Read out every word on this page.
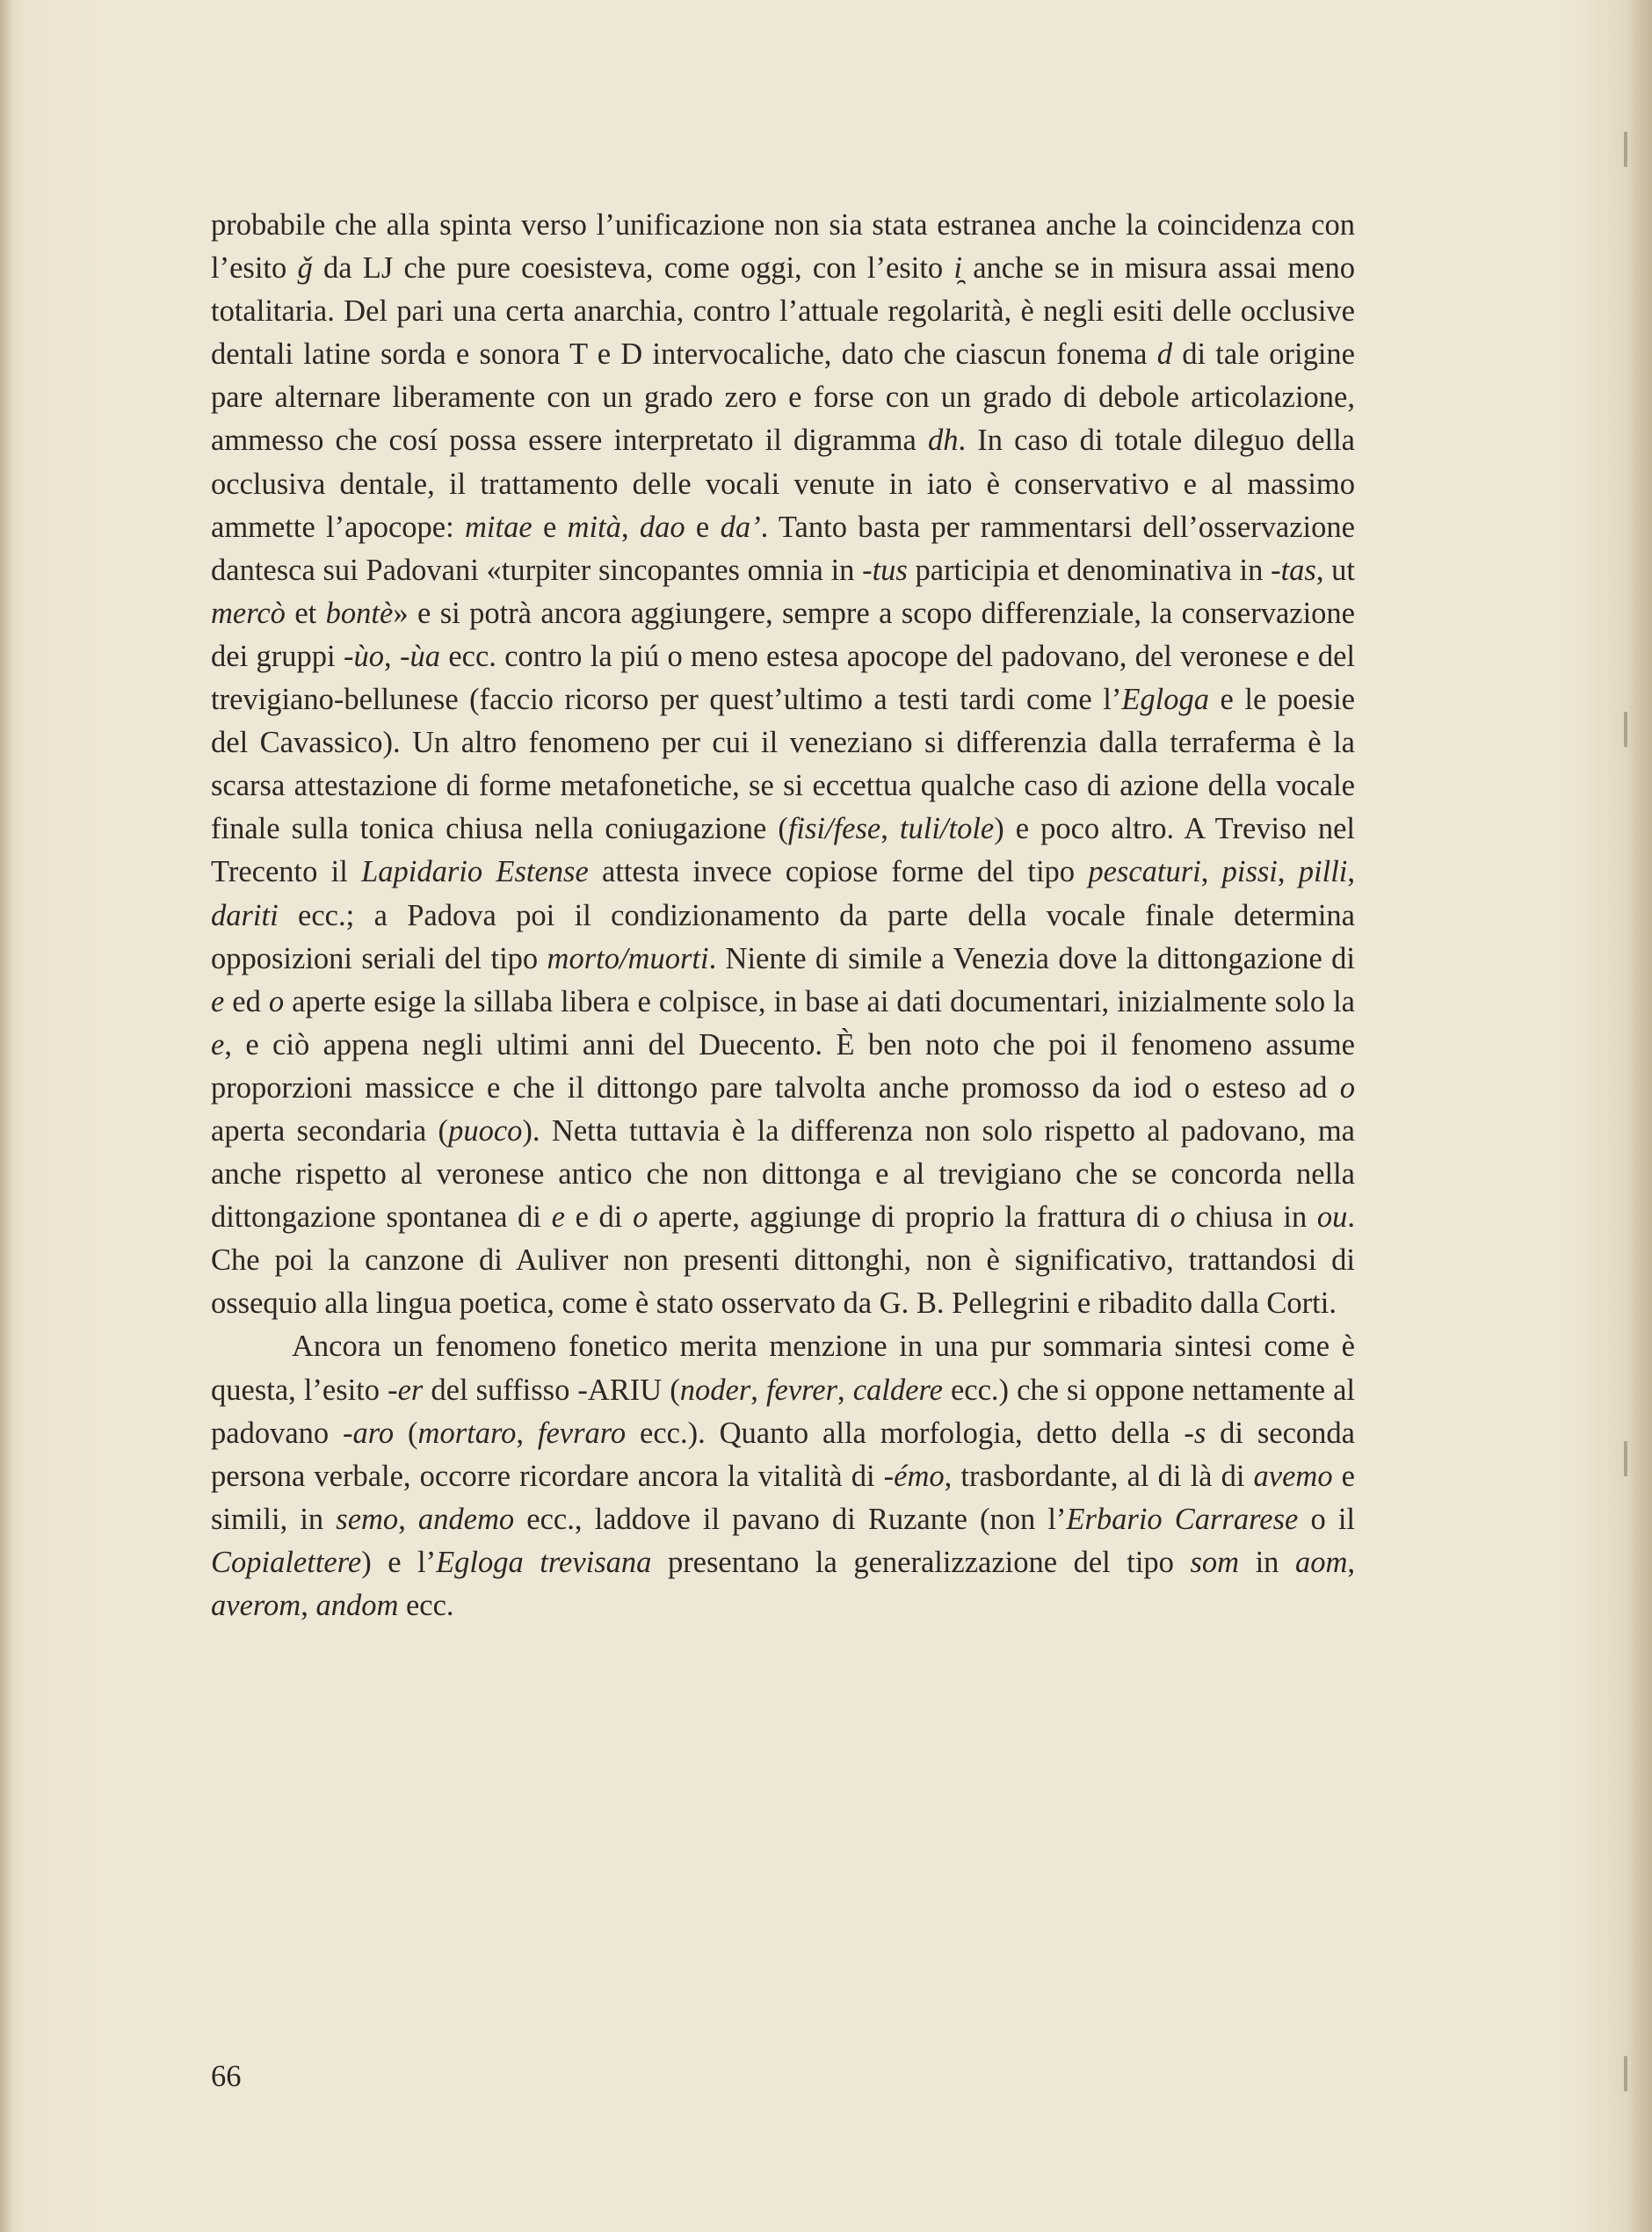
probabile che alla spinta verso l’unificazione non sia stata estranea anche la coincidenza con l’esito ǧ da LJ che pure coesisteva, come oggi, con l’esito i̯ anche se in misura assai meno totalitaria. Del pari una certa anarchia, contro l’attuale regolarità, è negli esiti delle occlusive dentali latine sorda e sonora T e D intervocaliche, dato che ciascun fonema d di tale origine pare alternare liberamente con un grado zero e forse con un grado di debole articolazione, ammesso che cosí possa essere interpretato il digramma dh. In caso di totale dileguo della occlusiva dentale, il trattamento delle vocali venute in iato è conservativo e al massimo ammette l’apocope: mitae e mità, dao e da’. Tanto basta per rammentarsi dell’osservazione dantesca sui Padovani «turpiter sincopantes omnia in -tus participia et denominativa in -tas, ut mercò et bontè» e si potrà ancora aggiungere, sempre a scopo differenziale, la conservazione dei gruppi -ùo, -ùa ecc. contro la piú o meno estesa apocope del padovano, del veronese e del trevigiano-bellunese (faccio ricorso per quest’ultimo a testi tardi come l’Egloga e le poesie del Cavassico). Un altro fenomeno per cui il veneziano si differenzia dalla terraferma è la scarsa attestazione di forme metafonetiche, se si eccettua qualche caso di azione della vocale finale sulla tonica chiusa nella coniugazione (fisi/fese, tuli/tole) e poco altro. A Treviso nel Trecento il Lapidario Estense attesta invece copiose forme del tipo pescaturi, pissi, pilli, dariti ecc.; a Padova poi il condizionamento da parte della vocale finale determina opposizioni seriali del tipo morto/muorti. Niente di simile a Venezia dove la dittongazione di e ed o aperte esige la sillaba libera e colpisce, in base ai dati documentari, inizialmente solo la e, e ciò appena negli ultimi anni del Duecento. È ben noto che poi il fenomeno assume proporzioni massicce e che il dittongo pare talvolta anche promosso da iod o esteso ad o aperta secondaria (puoco). Netta tuttavia è la differenza non solo rispetto al padovano, ma anche rispetto al veronese antico che non dittonga e al trevigiano che se concorda nella dittongazione spontanea di e e di o aperte, aggiunge di proprio la frattura di o chiusa in ou. Che poi la canzone di Auliver non presenti dittonghi, non è significativo, trattandosi di ossequio alla lingua poetica, come è stato osservato da G. B. Pellegrini e ribadito dalla Corti.

Ancora un fenomeno fonetico merita menzione in una pur sommaria sintesi come è questa, l’esito -er del suffisso -ARIU (noder, fevrer, caldere ecc.) che si oppone nettamente al padovano -aro (mortaro, fevraro ecc.). Quanto alla morfologia, detto della -s di seconda persona verbale, occorre ricordare ancora la vitalità di -émo, trasbordante, al di là di avemo e simili, in semo, andemo ecc., laddove il pavano di Ruzante (non l’Erbario Carrarese o il Copialettere) e l’Egloga trevisana presentano la generalizzazione del tipo som in aom, averom, andom ecc.

66
